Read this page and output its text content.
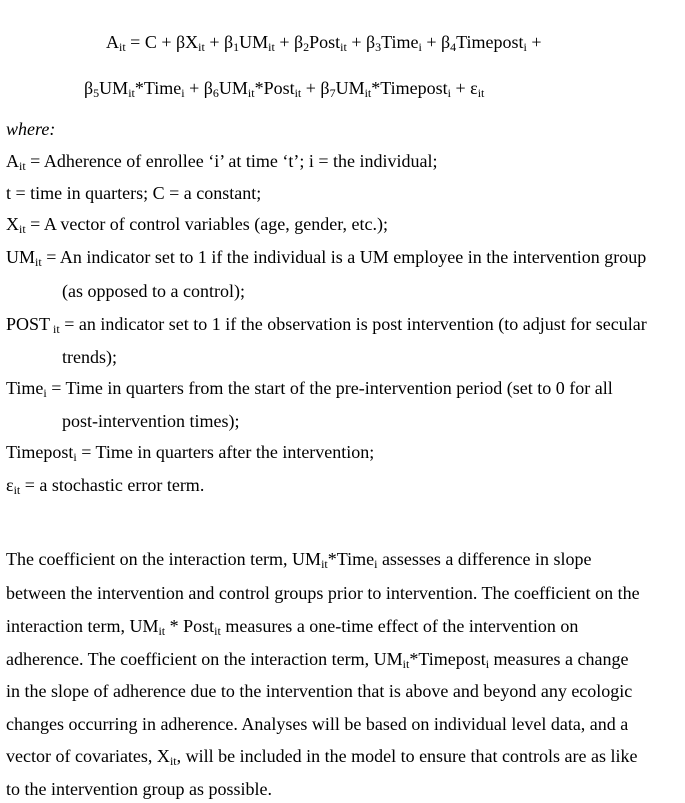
$A_{it} = C + \beta X_{it} + \beta_1UM_{it}$ + $\beta_2Post_{it}$ + $\beta_3Time_i$ + $\beta_4Timepost_i$ +
$\beta_5UM_{it}*Time_i$ + $\beta_6UM_{it}*Post_{it}$ + $\beta_7UM_{it}*Timepost_i + \varepsilon_{it}$
where:
$A_{it}$ = Adherence of enrollee ‘i’ at time ‘t’; i = the individual;
t = time in quarters; C = a constant;
$X_{it} = A$ vector of control variables (age, gender, etc.);
$UM_{it} = An$ indicator set to 1 if the individual is a UM employee in the intervention group
(as opposed to a control);
POST $_{it}$ = an indicator set to 1 if the observation is post intervention (to adjust for secular
trends);
Time$_i$ = Time in quarters from the start of the pre-intervention period (set to 0 for all
post-intervention times);
Timepost$_i$ = Time in quarters after the intervention;
$\varepsilon_{it} = a$ stochastic error term.
The coefficient on the interaction term, $UM_{it}*Time_i$ assesses a difference in slope
between the intervention and control groups prior to intervention. The coefficient on the
interaction term, $UM_{it}$ * Post$_{it}$ measures a one-time effect of the intervention on
adherence. The coefficient on the interaction term, $UM_{it}*Timepost_i$ measures a change
in the slope of adherence due to the intervention that is above and beyond any ecologic
changes occurring in adherence. Analyses will be based on individual level data, and a
vector of covariates, $X_{it}$, will be included in the model to ensure that controls are as like
to the intervention group as possible.
